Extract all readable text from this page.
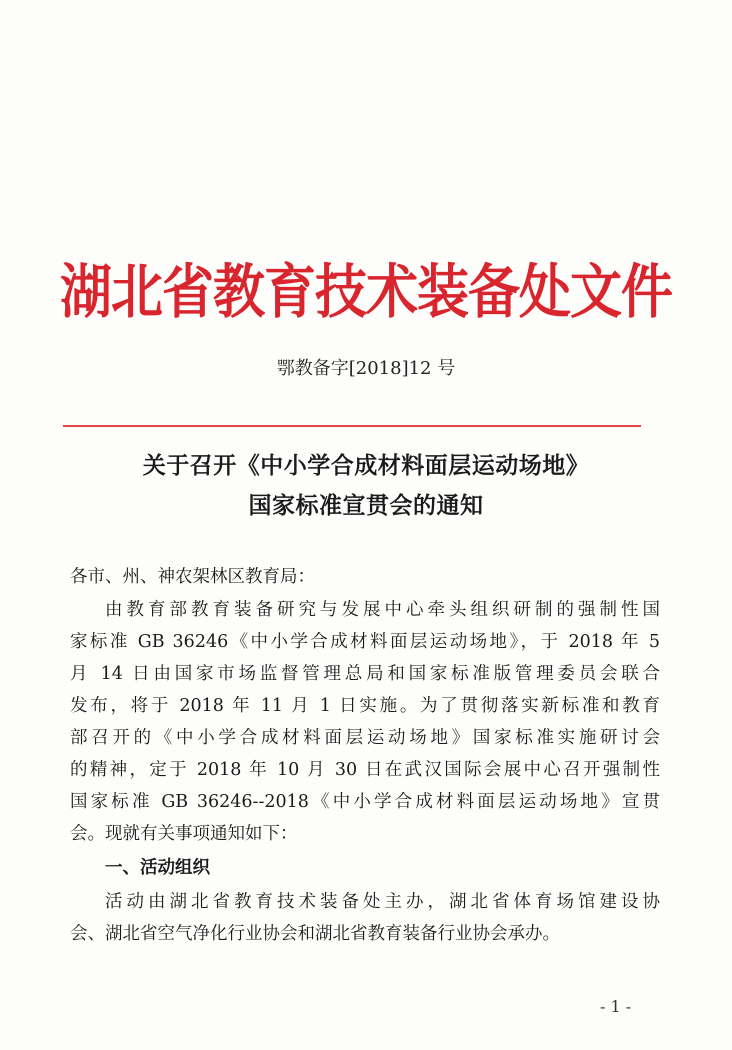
湖北省教育技术装备处文件
鄂教备字[2018]12 号
关于召开《中小学合成材料面层运动场地》
国家标准宣贯会的通知
各市、州、神农架林区教育局：
由教育部教育装备研究与发展中心牵头组织研制的强制性国
家标准 GB 36246《中小学合成材料面层运动场地》，于 2018 年 5
月 14 日由国家市场监督管理总局和国家标准版管理委员会联合
发布，将于 2018 年 11 月 1 日实施。为了贯彻落实新标准和教育
部召开的《中小学合成材料面层运动场地》国家标准实施研讨会
的精神，定于 2018 年 10 月 30 日在武汉国际会展中心召开强制性
国家标准 GB 36246--2018《中小学合成材料面层运动场地》宣贯
会。现就有关事项通知如下：
一、活动组织
活动由湖北省教育技术装备处主办，湖北省体育场馆建设协
会、湖北省空气净化行业协会和湖北省教育装备行业协会承办。
- 1 -
